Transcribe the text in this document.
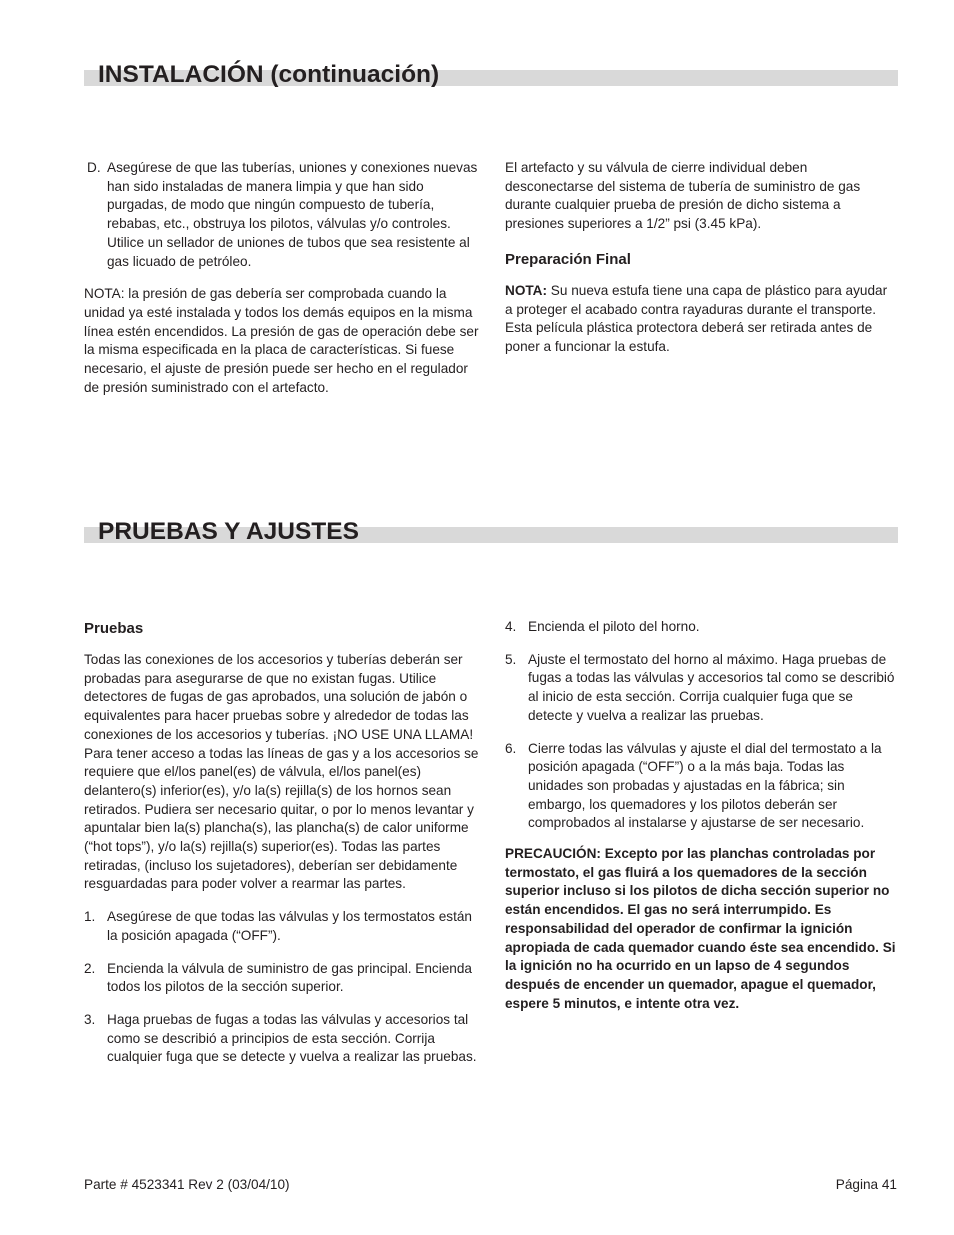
INSTALACIÓN (continuación)
D. Asegúrese de que las tuberías, uniones y conexiones nuevas han sido instaladas de manera limpia y que han sido purgadas, de modo que ningún compuesto de tubería, rebabas, etc., obstruya los pilotos, válvulas y/o controles. Utilice un sellador de uniones de tubos que sea resistente al gas licuado de petróleo.

NOTA: la presión de gas debería ser comprobada cuando la unidad ya esté instalada y todos los demás equipos en la misma línea estén encendidos. La presión de gas de operación debe ser la misma especificada en la placa de características. Si fuese necesario, el ajuste de presión puede ser hecho en el regulador de presión suministrado con el artefacto.

El artefacto y su válvula de cierre individual deben desconectarse del sistema de tubería de suministro de gas durante cualquier prueba de presión de dicho sistema a presiones superiores a 1/2” psi (3.45 kPa).

Preparación Final

NOTA: Su nueva estufa tiene una capa de plástico para ayudar a proteger el acabado contra rayaduras durante el transporte. Esta película plástica protectora deberá ser retirada antes de poner a funcionar la estufa.

PRUEBAS Y AJUSTES
Pruebas

Todas las conexiones de los accesorios y tuberías deberán ser probadas para asegurarse de que no existan fugas. Utilice detectores de fugas de gas aprobados, una solución de jabón o equivalentes para hacer pruebas sobre y alrededor de todas las conexiones de los accesorios y tuberías. ¡NO USE UNA LLAMA! Para tener acceso a todas las líneas de gas y a los accesorios se requiere que el/los panel(es) de válvula, el/los panel(es) delantero(s) inferior(es), y/o la(s) rejilla(s) de los hornos sean retirados. Pudiera ser necesario quitar, o por lo menos levantar y apuntalar bien la(s) plancha(s), las plancha(s) de calor uniforme (“hot tops”), y/o la(s) rejilla(s) superior(es). Todas las partes retiradas, (incluso los sujetadores), deberían ser debidamente resguardadas para poder volver a rearmar las partes.

1. Asegúrese de que todas las válvulas y los termostatos están la posición apagada (“OFF”).

2. Encienda la válvula de suministro de gas principal. Encienda todos los pilotos de la sección superior.

3. Haga pruebas de fugas a todas las válvulas y accesorios tal como se describió a principios de esta sección. Corrija cualquier fuga que se detecte y vuelva a realizar las pruebas.

4. Encienda el piloto del horno.

5. Ajuste el termostato del horno al máximo. Haga pruebas de fugas a todas las válvulas y accesorios tal como se describió al inicio de esta sección. Corrija cualquier fuga que se detecte y vuelva a realizar las pruebas.

6. Cierre todas las válvulas y ajuste el dial del termostato a la posición apagada (“OFF”) o a la más baja. Todas las unidades son probadas y ajustadas en la fábrica; sin embargo, los quemadores y los pilotos deberán ser comprobados al instalarse y ajustarse de ser necesario.

PRECAUCIÓN: Excepto por las planchas controladas por termostato, el gas fluirá a los quemadores de la sección superior incluso si los pilotos de dicha sección superior no están encendidos. El gas no será interrumpido. Es responsabilidad del operador de confirmar la ignición apropiada de cada quemador cuando éste sea encendido. Si la ignición no ha ocurrido en un lapso de 4 segundos después de encender un quemador, apague el quemador, espere 5 minutos, e intente otra vez.

Parte # 4523341 Rev 2 (03/04/10)	Página 41
